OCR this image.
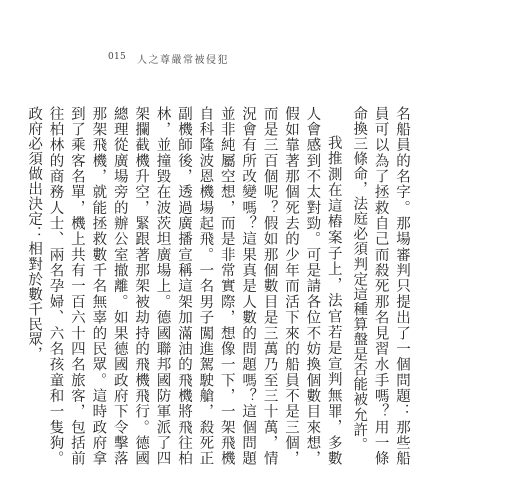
015 人之尊嚴常被侵犯

名船員的名字。那場審判只提出了一個問題：那些船員可以為了拯救自己而殺死那名見習水手嗎？用一條命換三條命，法庭必須判定這種算盤是否能被允許。

我推測在這樁案子上，法官若是宣判無罪，多數人會感到不太對勁。可是請各位不妨換個數目來想，假如靠著那個死去的少年而活下來的船員不是三個，而是三百個呢？假如那個數目是三萬乃至三十萬，情況會有所改變嗎？這果真是人數的問題嗎？這個問題並非純屬空想，而是非常實際，想像一下，一架飛機自科隆波恩機場起飛。一名男子闖進駕駛艙，殺死正副機師後，透過廣播宣稱這架加滿油的飛機將飛往柏林，並撞毀在波茨坦廣場上。德國聯邦國防軍派了四架攔截機升空，緊跟著那架被劫持的飛機飛行。德國總理從廣場旁的辦公室撤離。如果德國政府下令擊落那架飛機，就能拯救數千名無辜的民眾。這時政府拿到了乘客名單，機上共有一百六十四名旅客，包括前往柏林的商務人士、兩名孕婦、六名孩童和一隻狗。政府必須做出決定：相對於數千民眾，
